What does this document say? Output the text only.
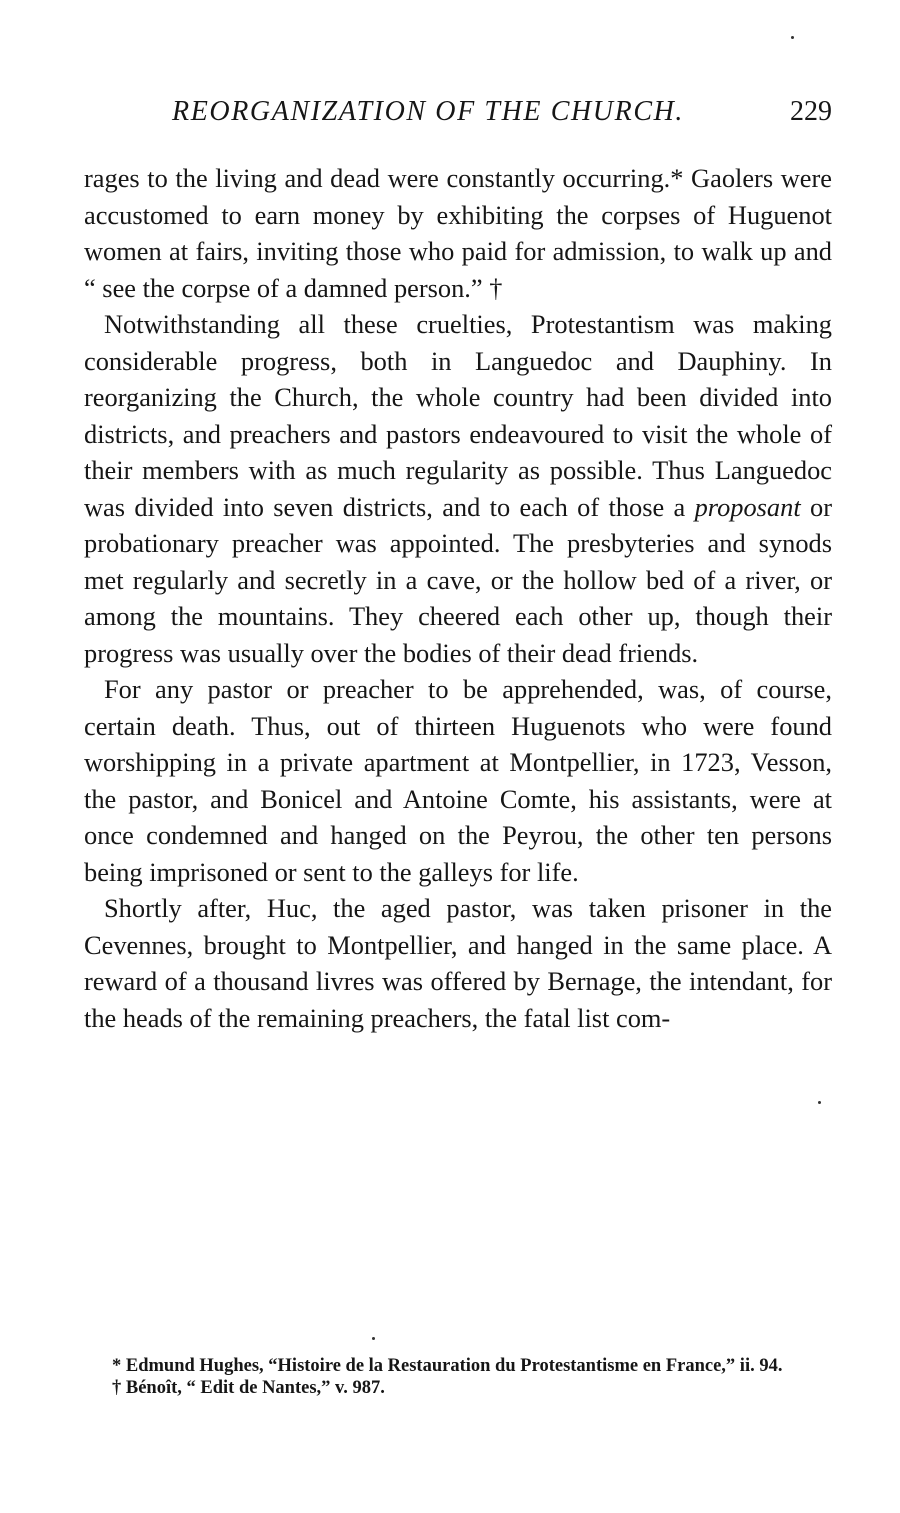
REORGANIZATION OF THE CHURCH.	229

rages to the living and dead were constantly occurring.* Gaolers were accustomed to earn money by exhibiting the corpses of Huguenot women at fairs, inviting those who paid for admission, to walk up and “ see the corpse of a damned person.” †

Notwithstanding all these cruelties, Protestantism was making considerable progress, both in Languedoc and Dauphiny. In reorganizing the Church, the whole country had been divided into districts, and preachers and pastors endeavoured to visit the whole of their members with as much regularity as possible. Thus Languedoc was divided into seven districts, and to each of those a proposant or probationary preacher was appointed. The presbyteries and synods met regularly and secretly in a cave, or the hollow bed of a river, or among the mountains. They cheered each other up, though their progress was usually over the bodies of their dead friends.

For any pastor or preacher to be apprehended, was, of course, certain death. Thus, out of thirteen Huguenots who were found worshipping in a private apartment at Montpellier, in 1723, Vesson, the pastor, and Bonicel and Antoine Comte, his assistants, were at once condemned and hanged on the Peyrou, the other ten persons being imprisoned or sent to the galleys for life.

Shortly after, Huc, the aged pastor, was taken prisoner in the Cevennes, brought to Montpellier, and hanged in the same place. A reward of a thousand livres was offered by Bernage, the intendant, for the heads of the remaining preachers, the fatal list com-

* Edmund Hughes, “Histoire de la Restauration du Protestantisme en France,” ii. 94.

† Bénoît, “ Edit de Nantes,” v. 987.
